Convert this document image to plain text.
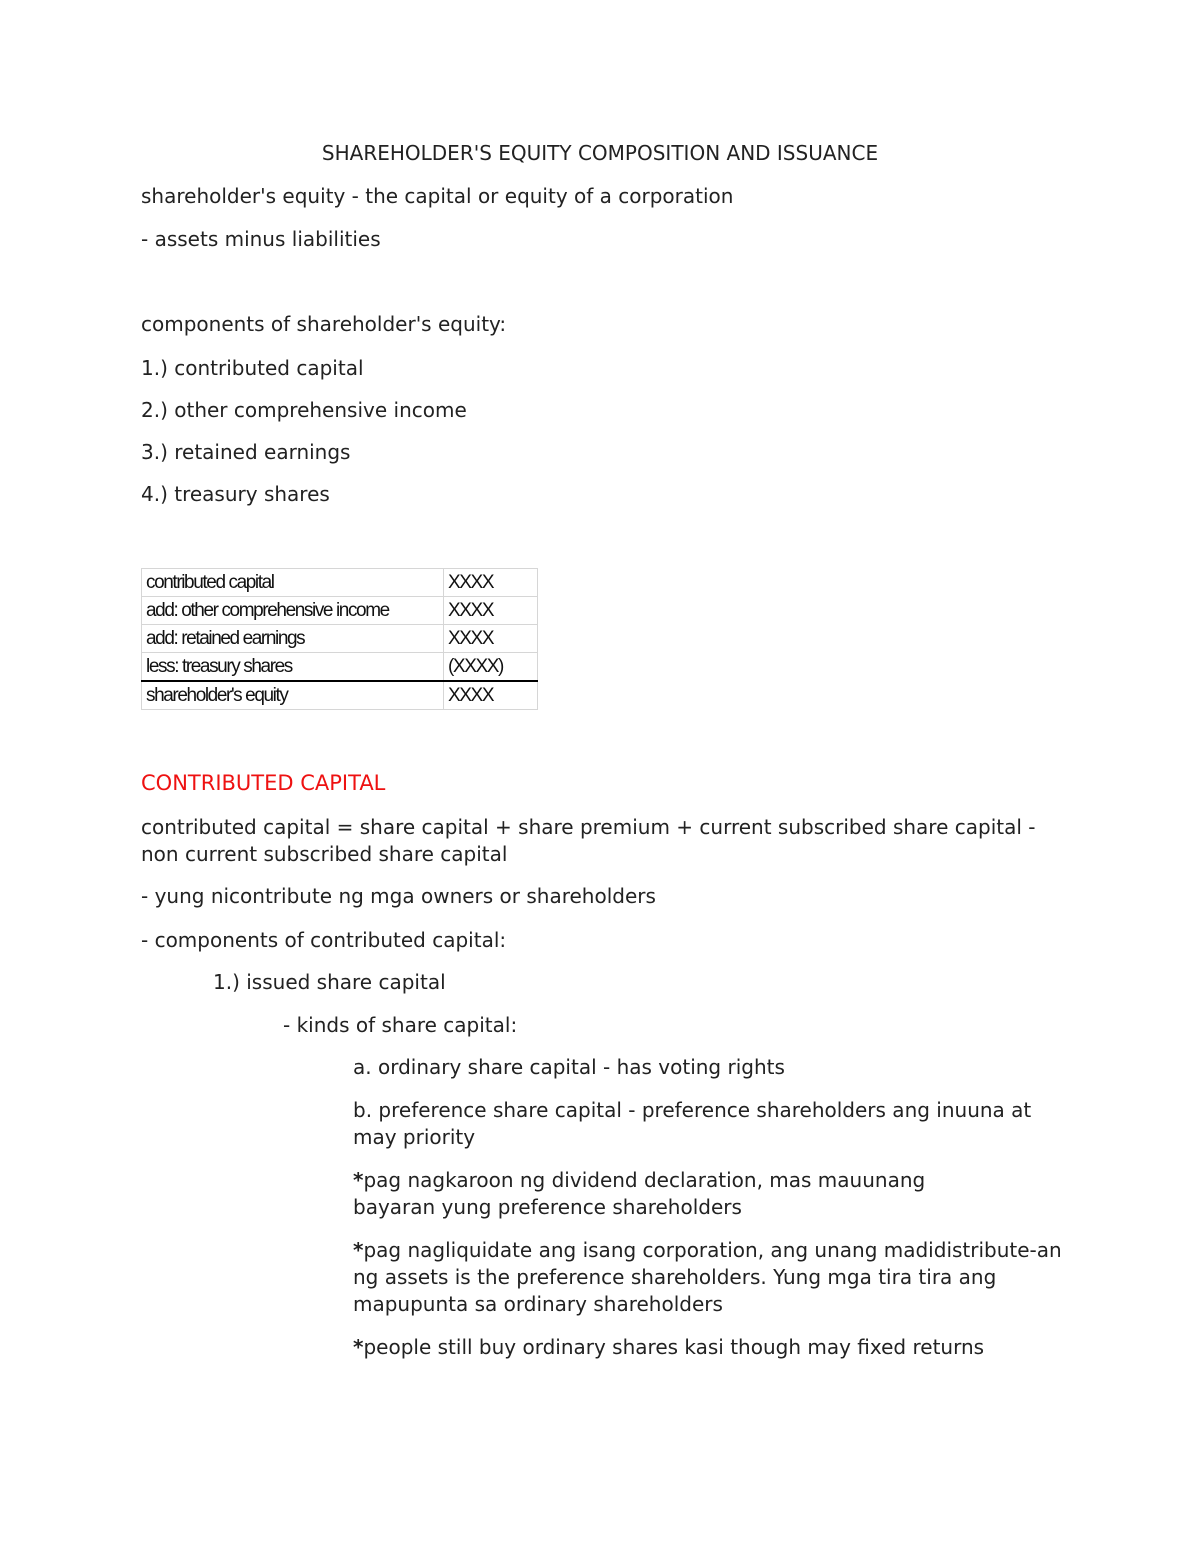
SHAREHOLDER'S EQUITY COMPOSITION AND ISSUANCE
shareholder's equity - the capital or equity of a corporation
- assets minus liabilities
components of shareholder's equity:
1.) contributed capital
2.) other comprehensive income
3.) retained earnings
4.) treasury shares
contributed capital	XXXX
add: other comprehensive income	XXXX
add: retained earnings	XXXX
less: treasury shares	(XXXX)
shareholder's equity	XXXX
CONTRIBUTED CAPITAL
contributed capital = share capital + share premium + current subscribed share capital - non current subscribed share capital
- yung nicontribute ng mga owners or shareholders
- components of contributed capital:
1.) issued share capital
- kinds of share capital:
a. ordinary share capital - has voting rights
b. preference share capital - preference shareholders ang inuuna at may priority
*pag nagkaroon ng dividend declaration, mas mauunang bayaran yung preference shareholders
*pag nagliquidate ang isang corporation, ang unang madidistribute-an ng assets is the preference shareholders. Yung mga tira tira ang mapupunta sa ordinary shareholders
*people still buy ordinary shares kasi though may fixed returns
